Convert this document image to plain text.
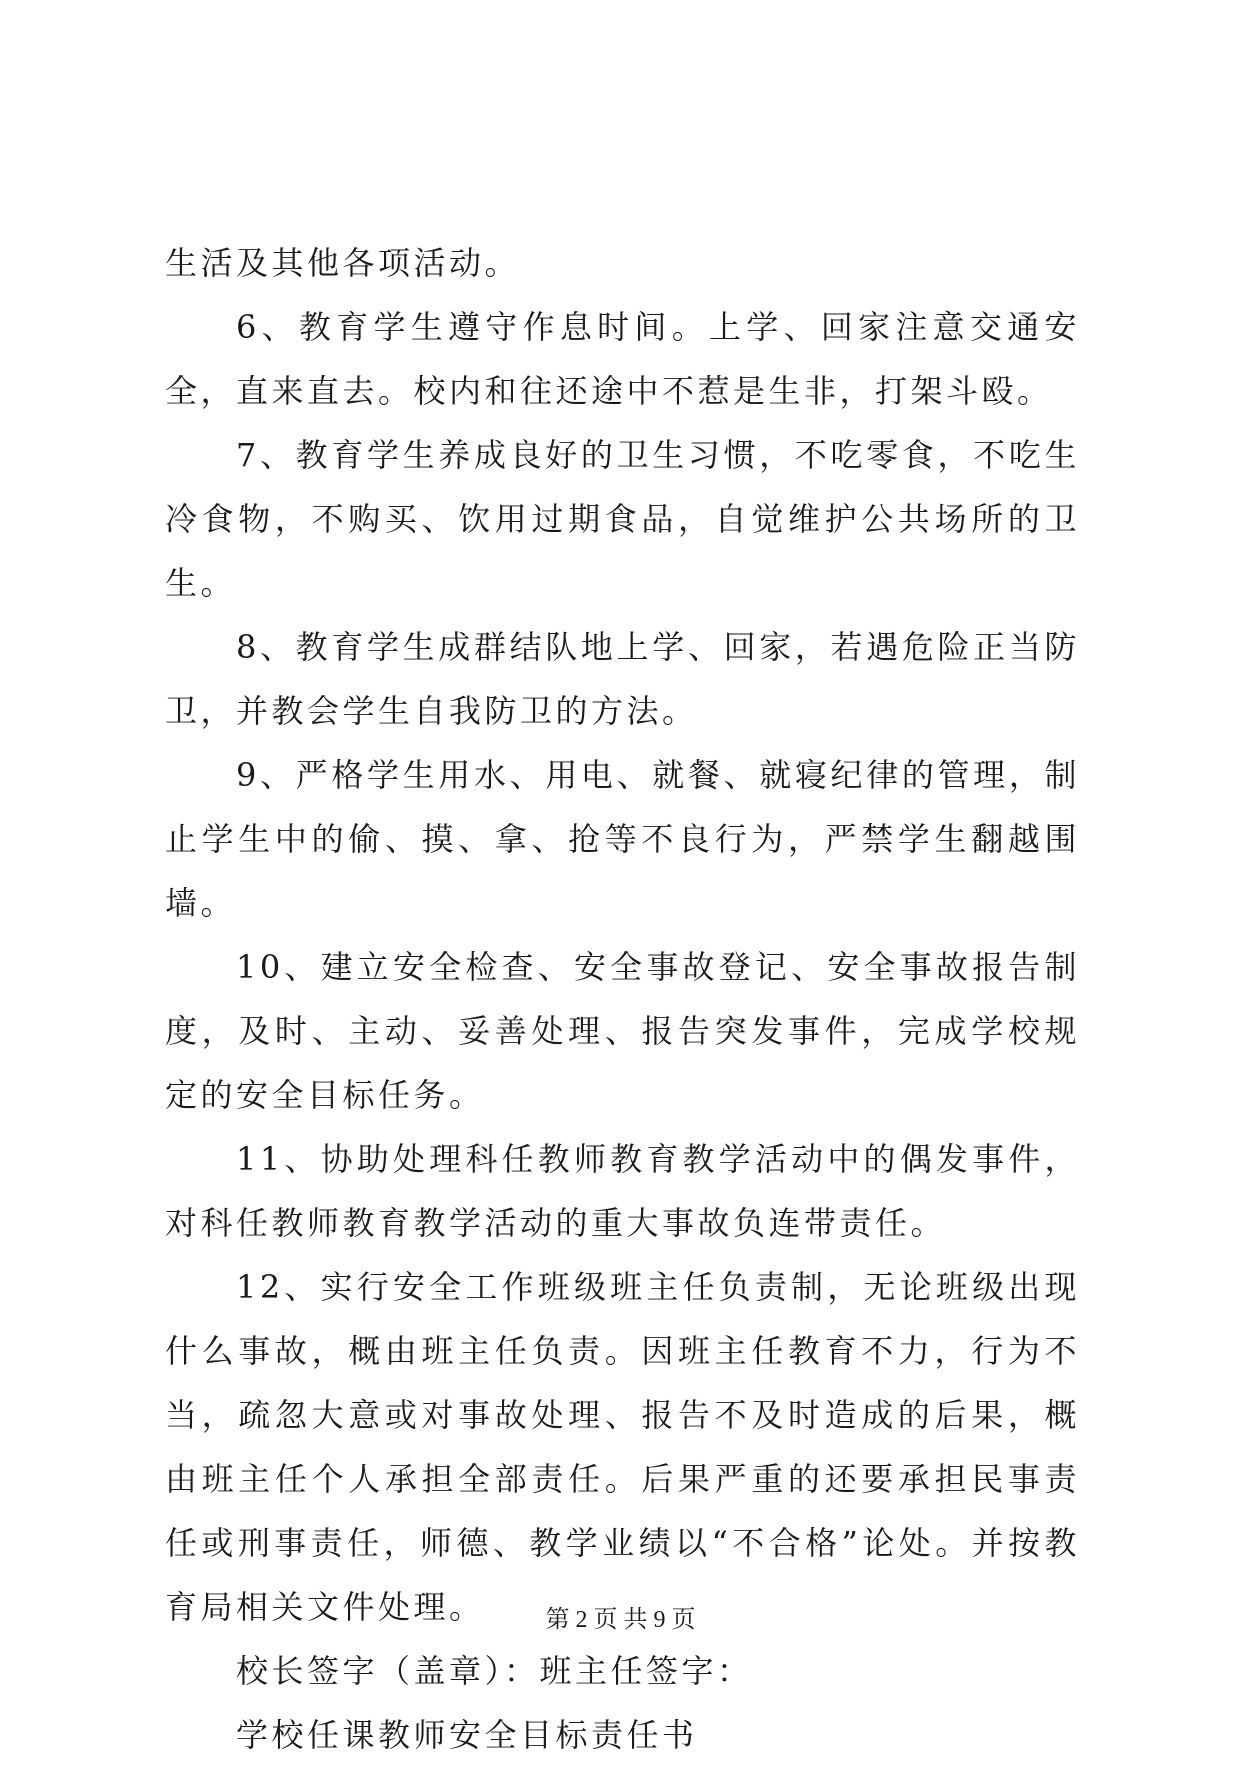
生活及其他各项活动。

6、教育学生遵守作息时间。上学、回家注意交通安全，直来直去。校内和往还途中不惹是生非，打架斗殴。

7、教育学生养成良好的卫生习惯，不吃零食，不吃生冷食物，不购买、饮用过期食品，自觉维护公共场所的卫生。

8、教育学生成群结队地上学、回家，若遇危险正当防卫，并教会学生自我防卫的方法。

9、严格学生用水、用电、就餐、就寝纪律的管理，制止学生中的偷、摸、拿、抢等不良行为，严禁学生翻越围墙。

10、建立安全检查、安全事故登记、安全事故报告制度，及时、主动、妥善处理、报告突发事件，完成学校规定的安全目标任务。

11、协助处理科任教师教育教学活动中的偶发事件，对科任教师教育教学活动的重大事故负连带责任。

12、实行安全工作班级班主任负责制，无论班级出现什么事故，概由班主任负责。因班主任教育不力，行为不当，疏忽大意或对事故处理、报告不及时造成的后果，概由班主任个人承担全部责任。后果严重的还要承担民事责任或刑事责任，师德、教学业绩以“不合格”论处。并按教育局相关文件处理。

校长签字（盖章）：班主任签字：

学校任课教师安全目标责任书

第 2 页 共 9 页
